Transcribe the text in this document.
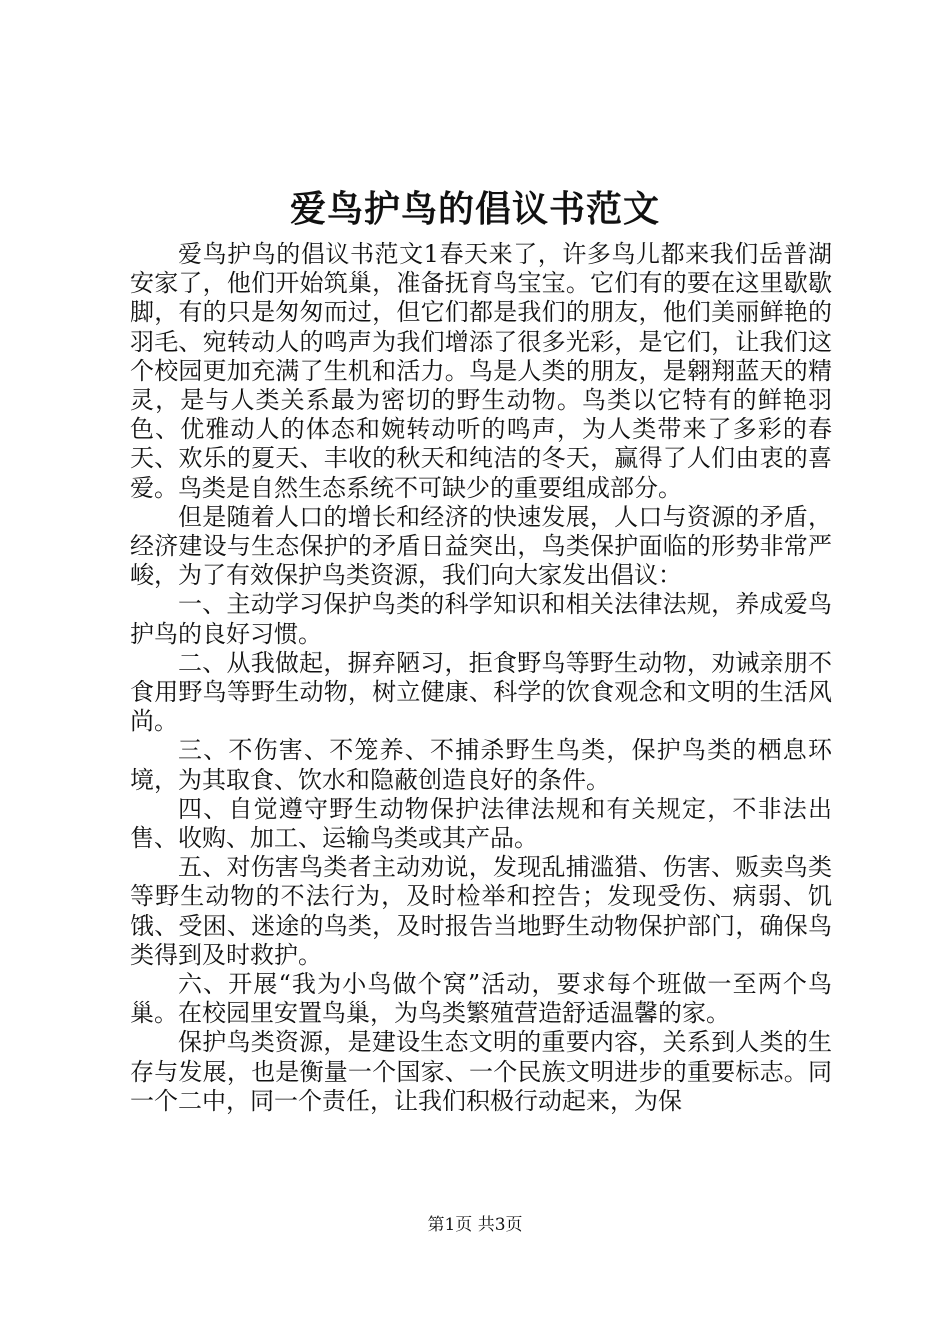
爱鸟护鸟的倡议书范文

爱鸟护鸟的倡议书范文1春天来了，许多鸟儿都来我们岳普湖安家了，他们开始筑巢，准备抚育鸟宝宝。它们有的要在这里歇歇脚，有的只是匆匆而过，但它们都是我们的朋友，他们美丽鲜艳的羽毛、宛转动人的鸣声为我们增添了很多光彩，是它们，让我们这个校园更加充满了生机和活力。鸟是人类的朋友，是翱翔蓝天的精灵，是与人类关系最为密切的野生动物。鸟类以它特有的鲜艳羽色、优雅动人的体态和婉转动听的鸣声，为人类带来了多彩的春天、欢乐的夏天、丰收的秋天和纯洁的冬天，赢得了人们由衷的喜爱。鸟类是自然生态系统不可缺少的重要组成部分。

但是随着人口的增长和经济的快速发展，人口与资源的矛盾，经济建设与生态保护的矛盾日益突出，鸟类保护面临的形势非常严峻，为了有效保护鸟类资源，我们向大家发出倡议：

一、主动学习保护鸟类的科学知识和相关法律法规，养成爱鸟护鸟的良好习惯。

二、从我做起，摒弃陋习，拒食野鸟等野生动物，劝诫亲朋不食用野鸟等野生动物，树立健康、科学的饮食观念和文明的生活风尚。

三、不伤害、不笼养、不捕杀野生鸟类，保护鸟类的栖息环境，为其取食、饮水和隐蔽创造良好的条件。

四、自觉遵守野生动物保护法律法规和有关规定，不非法出售、收购、加工、运输鸟类或其产品。

五、对伤害鸟类者主动劝说，发现乱捕滥猎、伤害、贩卖鸟类等野生动物的不法行为，及时检举和控告；发现受伤、病弱、饥饿、受困、迷途的鸟类，及时报告当地野生动物保护部门，确保鸟类得到及时救护。

六、开展“我为小鸟做个窝”活动，要求每个班做一至两个鸟巢。在校园里安置鸟巢，为鸟类繁殖营造舒适温馨的家。

保护鸟类资源，是建设生态文明的重要内容，关系到人类的生存与发展，也是衡量一个国家、一个民族文明进步的重要标志。同一个二中，同一个责任，让我们积极行动起来，为保

第1页 共3页
